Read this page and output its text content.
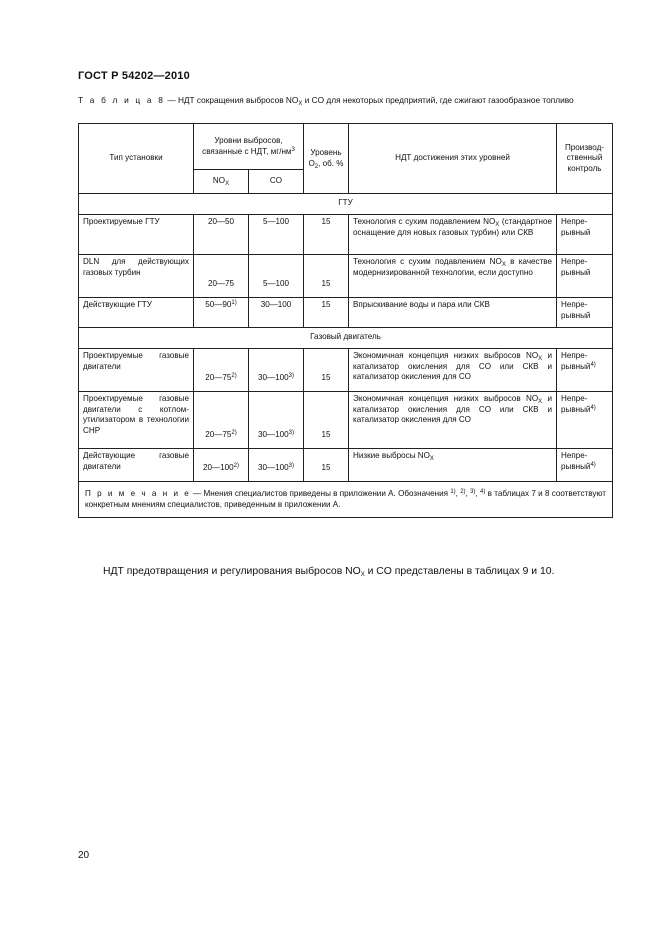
ГОСТ Р 54202—2010
Т а б л и ц а 8 — НДТ сокращения выбросов $NO_X$ и CO для некоторых предприятий, где сжигают газообразное топливо
Тип установки	Уровни выбросов, связанные с НДТ, $мг/нм^3$		Уровень $O_2$, об. %	НДТ достижения этих уровней	Производ- ственный контроль
	$NO_X$	CO			
ГТУ					
Проектируемые ГТУ	20—50	5—100	15	Технология с сухим подавлением $NO_X$ (стандартное оснащение для новых газовых турбин) или СКВ	Непре- рывный
DLN для действующих газовых турбин	20—75	5—100	15	Технология с сухим подавлением $NO_X$ в качестве модернизированной технологии, если доступно	Непре- рывный
Действующие ГТУ	50—90$^{1)}$	30—100	15	Впрыскивание воды и пара или СКВ	Непре- рывный
Газовый двигатель					
Проектируемые газовые двигатели	20—75$^{2)}$	30—100$^{3)}$	15	Экономичная концепция низких выбросов $NO_X$ и катализатор окисления для CO или СКВ и катализатор окисления для CO	Непре- рывный$^{4)}$
Проектируемые газовые двигатели с котлом-утилизатором в технологии CHP	20—75$^{2)}$	30—100$^{3)}$	15	Экономичная концепция низких выбросов $NO_X$ и катализатор окисления для CO или СКВ и катализатор окисления для CO	Непре- рывный$^{4)}$
Действующие газовые двигатели	20—100$^{2)}$	30—100$^{3)}$	15	Низкие выбросы $NO_X$	Непре- рывный$^{4)}$
П р и м е ч а н и е — Мнения специалистов приведены в приложении А. Обозначения $^{1)}$, $^{2)}$, $^{3)}$, $^{4)}$ в таблицах 7 и 8 соответствуют конкретным мнениям специалистов, приведенным в приложении А.					
НДТ предотвращения и регулирования выбросов $NO_X$ и CO представлены в таблицах 9 и 10.
20
